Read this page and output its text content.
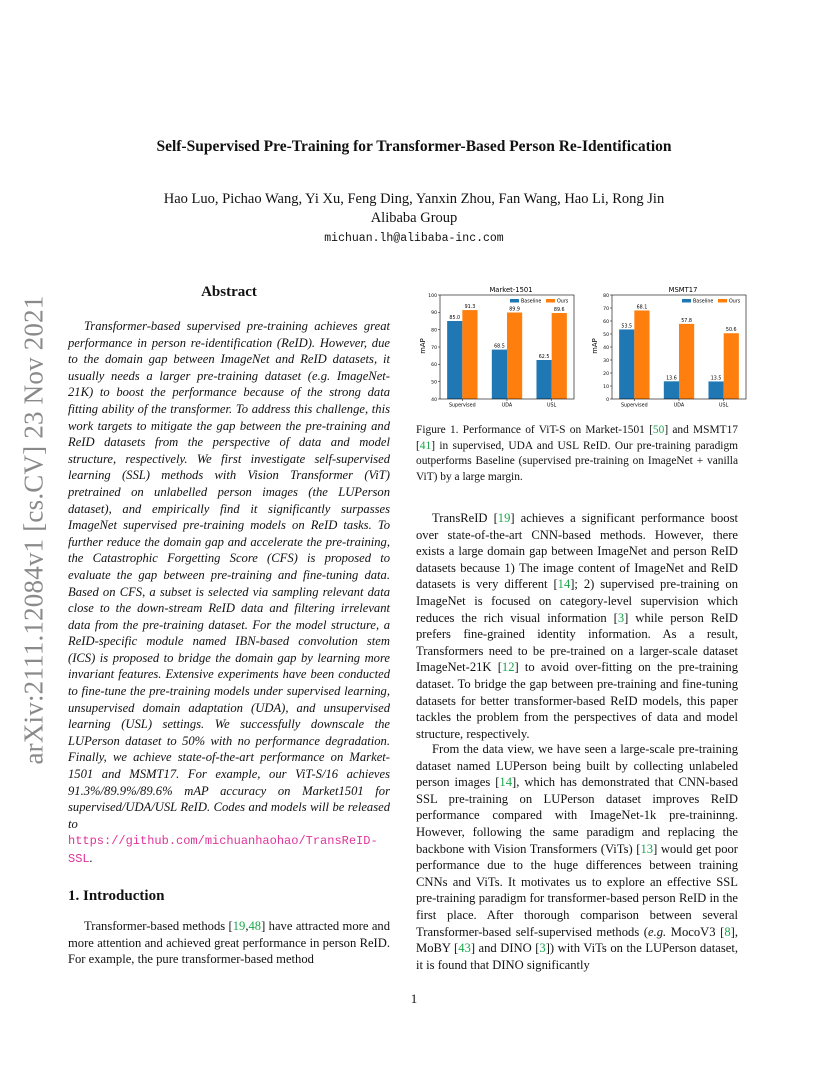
arXiv:2111.12084v1 [cs.CV] 23 Nov 2021
Self-Supervised Pre-Training for Transformer-Based Person Re-Identification
Hao Luo, Pichao Wang, Yi Xu, Feng Ding, Yanxin Zhou, Fan Wang, Hao Li, Rong Jin
Alibaba Group
michuan.lh@alibaba-inc.com
Abstract
Transformer-based supervised pre-training achieves great performance in person re-identification (ReID). However, due to the domain gap between ImageNet and ReID datasets, it usually needs a larger pre-training dataset (e.g. ImageNet-21K) to boost the performance because of the strong data fitting ability of the transformer. To address this challenge, this work targets to mitigate the gap between the pre-training and ReID datasets from the perspective of data and model structure, respectively. We first investigate self-supervised learning (SSL) methods with Vision Transformer (ViT) pretrained on unlabelled person images (the LUPerson dataset), and empirically find it significantly surpasses ImageNet supervised pre-training models on ReID tasks. To further reduce the domain gap and accelerate the pre-training, the Catastrophic Forgetting Score (CFS) is proposed to evaluate the gap between pre-training and fine-tuning data. Based on CFS, a subset is selected via sampling relevant data close to the down-stream ReID data and filtering irrelevant data from the pre-training dataset. For the model structure, a ReID-specific module named IBN-based convolution stem (ICS) is proposed to bridge the domain gap by learning more invariant features. Extensive experiments have been conducted to fine-tune the pre-training models under supervised learning, unsupervised domain adaptation (UDA), and unsupervised learning (USL) settings. We successfully downscale the LUPerson dataset to 50% with no performance degradation. Finally, we achieve state-of-the-art performance on Market-1501 and MSMT17. For example, our ViT-S/16 achieves 91.3%/89.9%/89.6% mAP accuracy on Market1501 for supervised/UDA/USL ReID. Codes and models will be released to https://github.com/michuanhaohao/TransReID-SSL.
1. Introduction
Transformer-based methods [19,48] have attracted more and more attention and achieved great performance in person ReID. For example, the pure transformer-based method
Market-1501
mAP
40
50
60
70
80
90
100
85.0
91.3
68.5
89.9
62.5
89.6
Supervised	UDA	USL
Baseline	Ours
MSMT17
mAP
0
10
20
30
40
50
60
70
80
53.5
68.1
13.6
57.8
13.5
50.6
Supervised	UDA	USL
Baseline	Ours
Figure 1. Performance of ViT-S on Market-1501 [50] and MSMT17 [41] in supervised, UDA and USL ReID. Our pre-training paradigm outperforms Baseline (supervised pre-training on ImageNet + vanilla ViT) by a large margin.
TransReID [19] achieves a significant performance boost over state-of-the-art CNN-based methods. However, there exists a large domain gap between ImageNet and person ReID datasets because 1) The image content of ImageNet and ReID datasets is very different [14]; 2) supervised pre-training on ImageNet is focused on category-level supervision which reduces the rich visual information [3] while person ReID prefers fine-grained identity information. As a result, Transformers need to be pre-trained on a larger-scale dataset ImageNet-21K [12] to avoid over-fitting on the pre-training dataset. To bridge the gap between pre-training and fine-tuning datasets for better transformer-based ReID models, this paper tackles the problem from the perspectives of data and model structure, respectively.
From the data view, we have seen a large-scale pre-training dataset named LUPerson being built by collecting unlabeled person images [14], which has demonstrated that CNN-based SSL pre-training on LUPerson dataset improves ReID performance compared with ImageNet-1k pre-traininng. However, following the same paradigm and replacing the backbone with Vision Transformers (ViTs) [13] would get poor performance due to the huge differences between training CNNs and ViTs. It motivates us to explore an effective SSL pre-training paradigm for transformer-based person ReID in the first place. After thorough comparison between several Transformer-based self-supervised methods (e.g. MocoV3 [8], MoBY [43] and DINO [3]) with ViTs on the LUPerson dataset, it is found that DINO significantly
1
